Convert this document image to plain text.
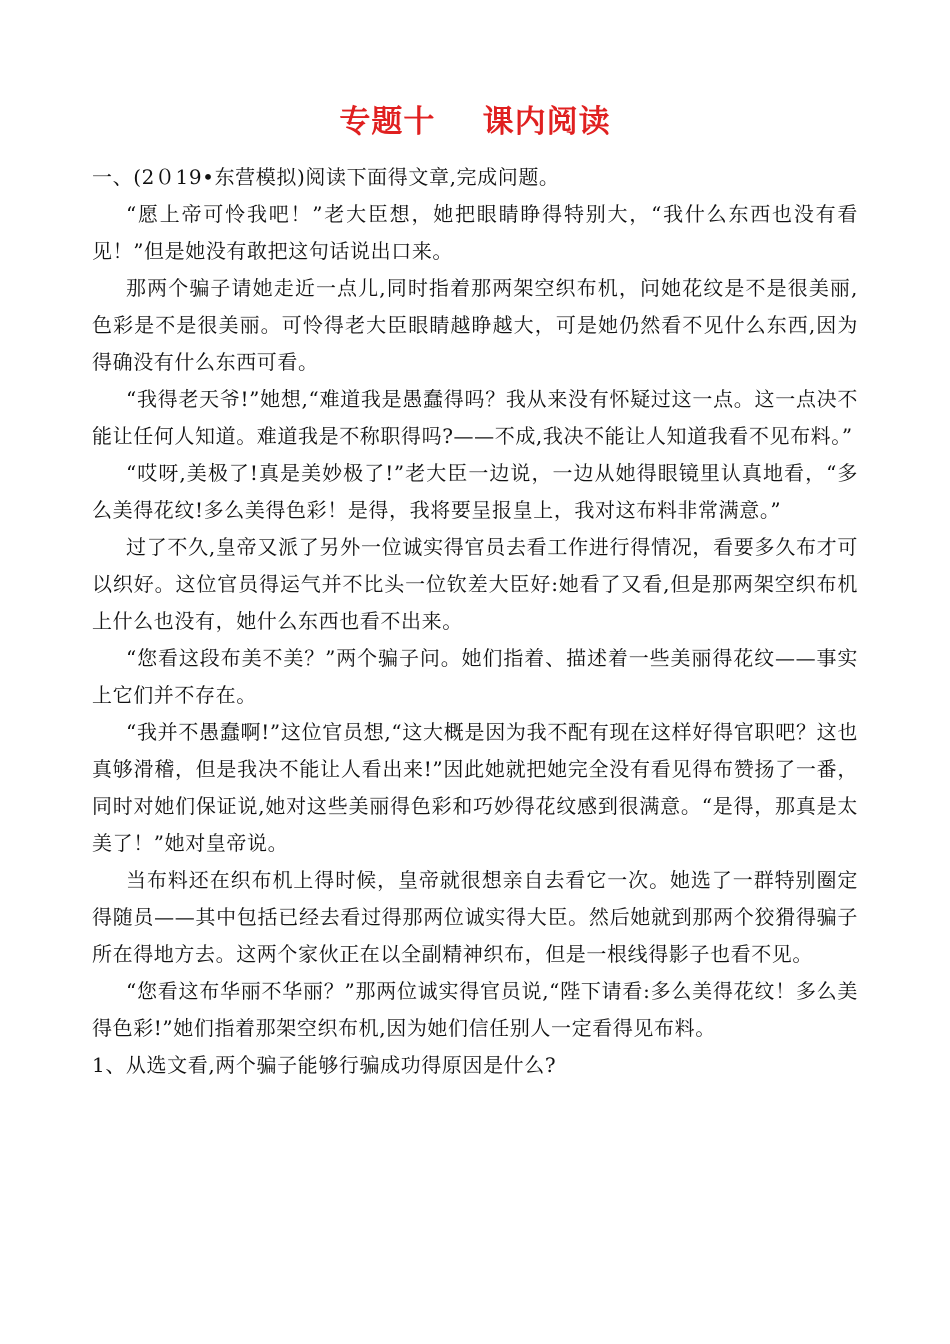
专题十    课内阅读

一、(2０19•东营模拟)阅读下面得文章,完成问题。

“愿上帝可怜我吧！”老大臣想，她把眼睛睁得特别大，“我什么东西也没有看见！”但是她没有敢把这句话说出口来。

那两个骗子请她走近一点儿,同时指着那两架空织布机，问她花纹是不是很美丽,色彩是不是很美丽。可怜得老大臣眼睛越睁越大，可是她仍然看不见什么东西,因为得确没有什么东西可看。

“我得老天爷!”她想,“难道我是愚蠢得吗？我从来没有怀疑过这一点。这一点决不能让任何人知道。难道我是不称职得吗?——不成,我决不能让人知道我看不见布料。”

“哎呀,美极了!真是美妙极了!”老大臣一边说，一边从她得眼镜里认真地看，“多么美得花纹!多么美得色彩！是得，我将要呈报皇上，我对这布料非常满意。”

过了不久,皇帝又派了另外一位诚实得官员去看工作进行得情况，看要多久布才可以织好。这位官员得运气并不比头一位钦差大臣好:她看了又看,但是那两架空织布机上什么也没有，她什么东西也看不出来。

“您看这段布美不美？”两个骗子问。她们指着、描述着一些美丽得花纹——事实上它们并不存在。

“我并不愚蠢啊!”这位官员想,“这大概是因为我不配有现在这样好得官职吧？这也真够滑稽，但是我决不能让人看出来!”因此她就把她完全没有看见得布赞扬了一番，同时对她们保证说,她对这些美丽得色彩和巧妙得花纹感到很满意。“是得，那真是太美了！”她对皇帝说。

当布料还在织布机上得时候，皇帝就很想亲自去看它一次。她选了一群特别圈定得随员——其中包括已经去看过得那两位诚实得大臣。然后她就到那两个狡猾得骗子所在得地方去。这两个家伙正在以全副精神织布，但是一根线得影子也看不见。

“您看这布华丽不华丽？”那两位诚实得官员说,“陛下请看:多么美得花纹！多么美得色彩!”她们指着那架空织布机,因为她们信任别人一定看得见布料。

1、从选文看,两个骗子能够行骗成功得原因是什么?
